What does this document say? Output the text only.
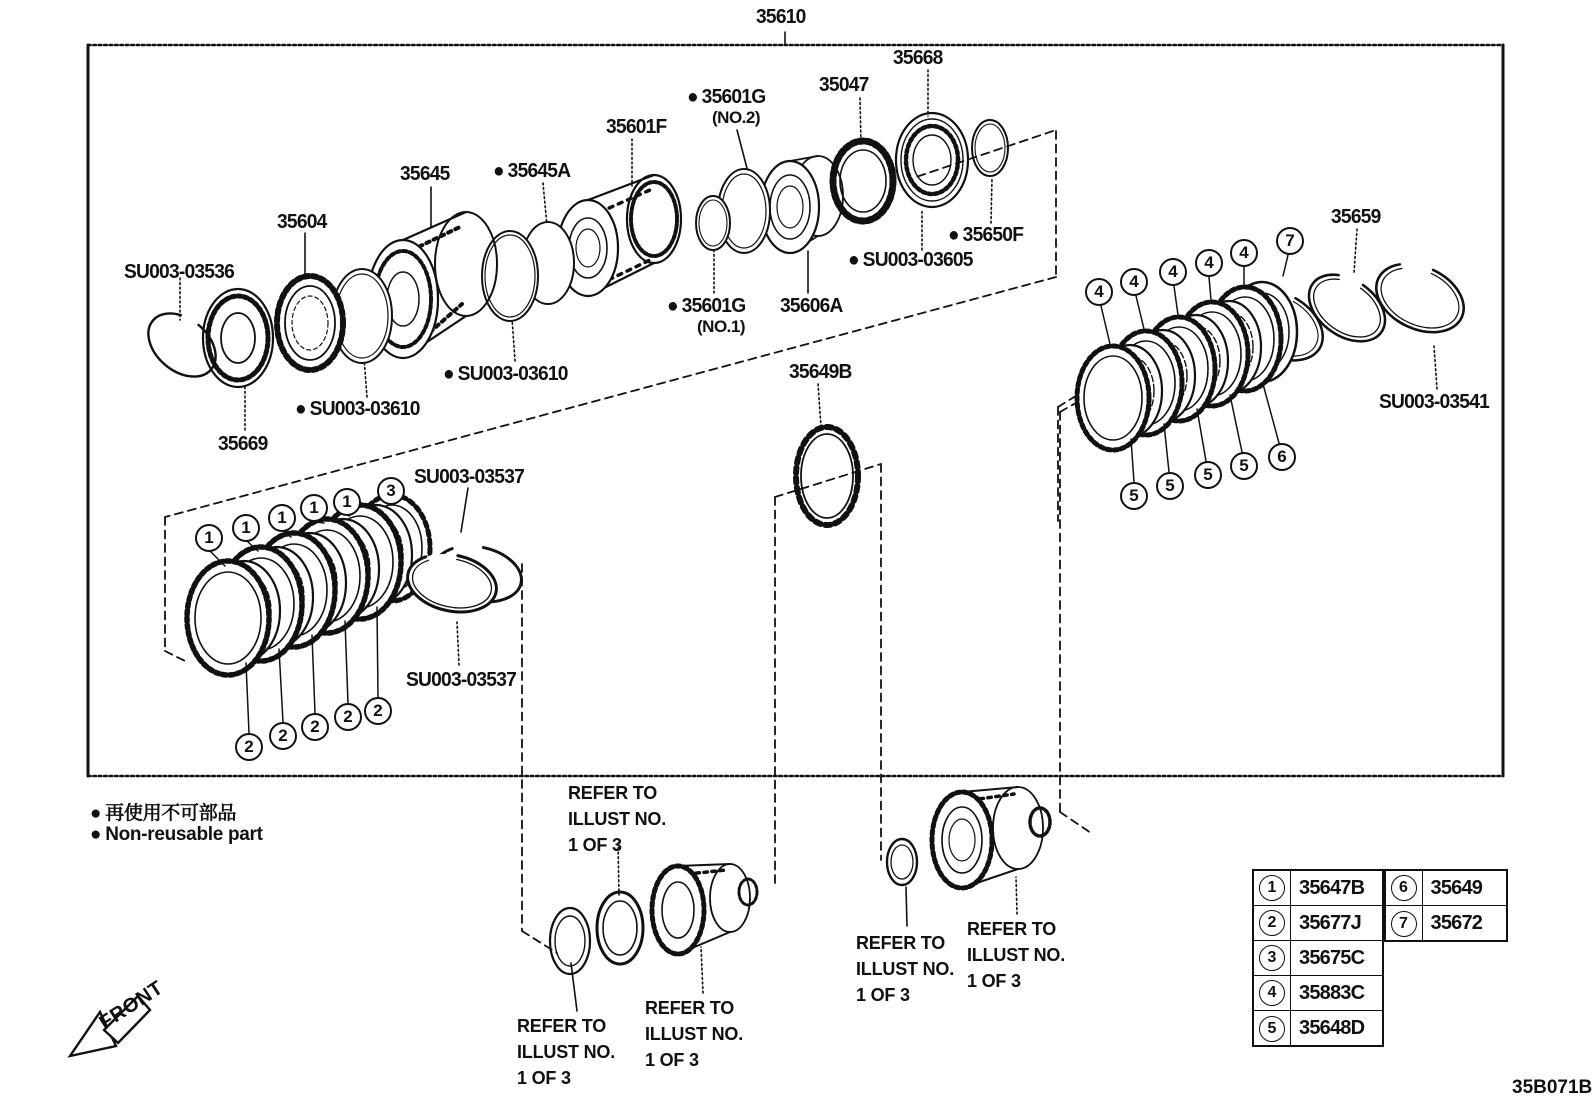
35610
35668
35047
● 35601G
(NO.2)
35601F
● 35645A
35645
35604
SU003-03536
35669
● SU003-03610
● SU003-03610
● 35601G
(NO.1)
35606A
● SU003-03605
● 35650F
35659
SU003-03541
35649B
SU003-03537
SU003-03537
REFER TO
ILLUST NO.
1 OF 3
REFER TO
ILLUST NO.
1 OF 3
REFER TO
ILLUST NO.
1 OF 3
REFER TO
ILLUST NO.
1 OF 3
REFER TO
ILLUST NO.
1 OF 3
1
1
1
1	1
3
2
2	2
2	2
4
4
4	4
4
7
5
5
5	5	6
● 再使用不可部品
● Non-reusable part
FRONT
1	35647B
2	35677J
3	35675C
4	35883C
5	35648D
6	35649
7	35672
35B071B
